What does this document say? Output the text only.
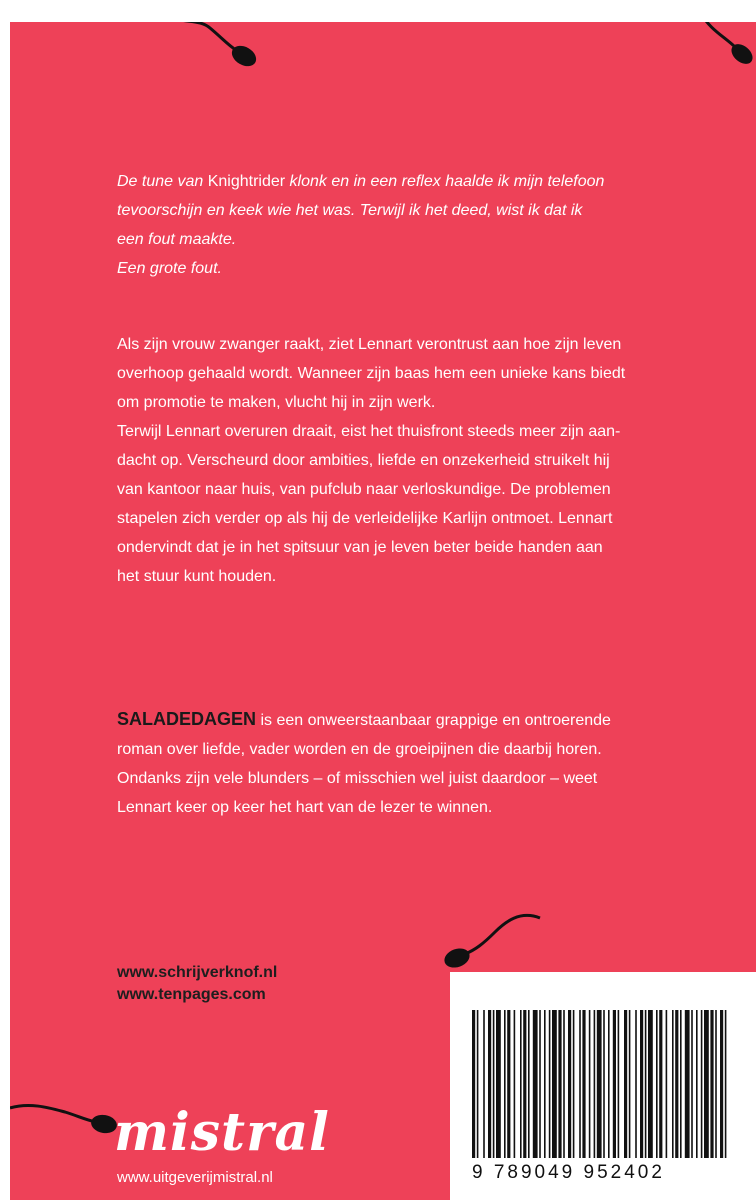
De tune van Knightrider klonk en in een reflex haalde ik mijn telefoon
tevoorschijn en keek wie het was. Terwijl ik het deed, wist ik dat ik
een fout maakte.
Een grote fout.
Als zijn vrouw zwanger raakt, ziet Lennart verontrust aan hoe zijn leven
overhoop gehaald wordt. Wanneer zijn baas hem een unieke kans biedt
om promotie te maken, vlucht hij in zijn werk.
Terwijl Lennart overuren draait, eist het thuisfront steeds meer zijn aan-
dacht op. Verscheurd door ambities, liefde en onzekerheid struikelt hij
van kantoor naar huis, van pufclub naar verloskundige. De problemen
stapelen zich verder op als hij de verleidelijke Karlijn ontmoet. Lennart
ondervindt dat je in het spitsuur van je leven beter beide handen aan
het stuur kunt houden.
SALADEDAGEN is een onweerstaanbaar grappige en ontroerende
roman over liefde, vader worden en de groeipijnen die daarbij horen.
Ondanks zijn vele blunders – of misschien wel juist daardoor – weet
Lennart keer op keer het hart van de lezer te winnen.
www.schrijverknof.nl
www.tenpages.com
mistral
www.uitgeverijmistral.nl	9 789049 952402
